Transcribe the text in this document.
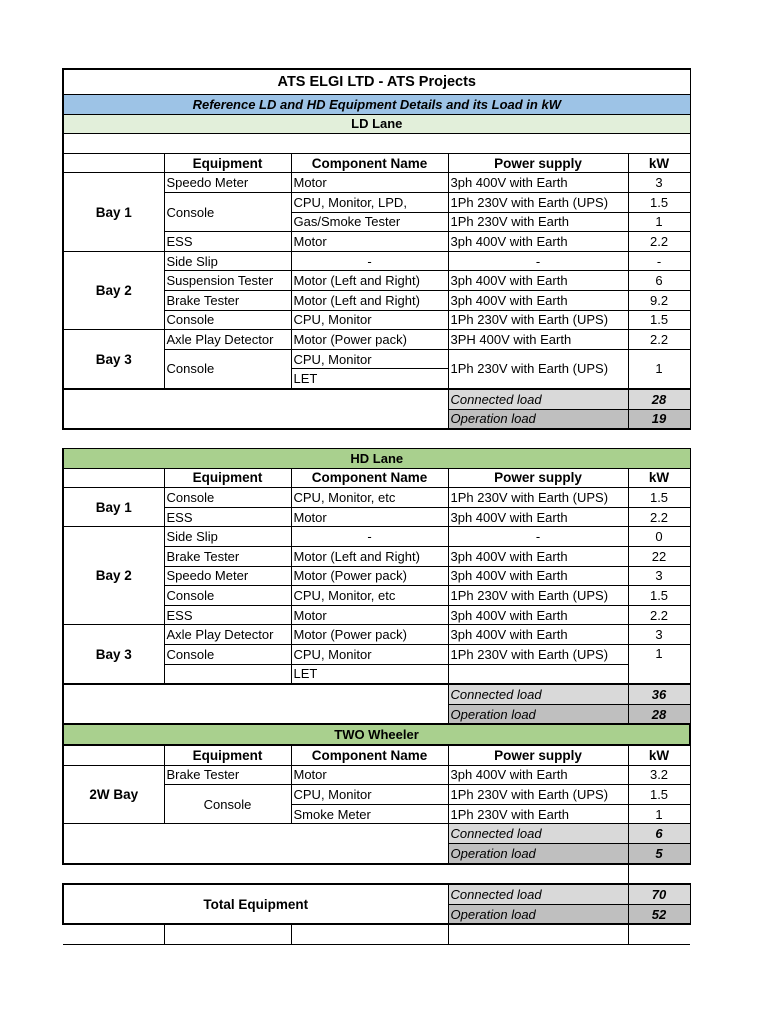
ATS ELGI LTD - ATS Projects				
Reference LD and HD Equipment Details and its Load in kW				
LD Lane				

	Equipment	Component Name	Power supply	kW
Bay 1	Speedo Meter	Motor	3ph 400V with Earth	3
	Console	CPU, Monitor, LPD,	1Ph 230V with Earth (UPS)	1.5
		Gas/Smoke Tester	1Ph 230V with Earth	1
	ESS	Motor	3ph 400V with Earth	2.2
Bay 2	Side Slip	-	-	-
	Suspension Tester	Motor (Left and Right)	3ph 400V with Earth	6
	Brake Tester	Motor (Left and Right)	3ph 400V with Earth	9.2
	Console	CPU, Monitor	1Ph 230V with Earth (UPS)	1.5
Bay 3	Axle Play Detector	Motor (Power pack)	3PH 400V with Earth	2.2
	Console	CPU, Monitor	1Ph 230V with Earth (UPS)	1
		LET		
			Connected load	28
			Operation load	19
HD Lane				
	Equipment	Component Name	Power supply	kW
Bay 1	Console	CPU, Monitor, etc	1Ph 230V with Earth (UPS)	1.5
	ESS	Motor	3ph 400V with Earth	2.2
Bay 2	Side Slip	-	-	0
	Brake Tester	Motor (Left and Right)	3ph 400V with Earth	22
	Speedo Meter	Motor (Power pack)	3ph 400V with Earth	3
	Console	CPU, Monitor, etc	1Ph 230V with Earth (UPS)	1.5
	ESS	Motor	3ph 400V with Earth	2.2
Bay 3	Axle Play Detector	Motor (Power pack)	3ph 400V with Earth	3
	Console	CPU, Monitor	1Ph 230V with Earth (UPS)	1
		LET		
			Connected load	36
			Operation load	28
TWO Wheeler				
	Equipment	Component Name	Power supply	kW
2W Bay	Brake Tester	Motor	3ph 400V with Earth	3.2
	Console	CPU, Monitor	1Ph 230V with Earth (UPS)	1.5
		Smoke Meter	1Ph 230V with Earth	1
			Connected load	6
			Operation load	5

Total Equipment			Connected load	70
			Operation load	52
